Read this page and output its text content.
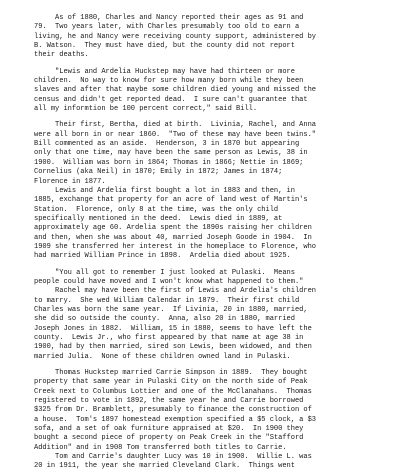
As of 1880, Charles and Nancy reported their ages as 91 and
79.  Two years later, with Charles presumably too old to earn a
living, he and Nancy were receiving county support, administered by
B. Watson.  They must have died, but the county did not report
their deaths.
"Lewis and Ardelia Huckstep may have had thirteen or more
children.  No way to know for sure how many born while they been
slaves and after that maybe some children died young and missed the
census and didn't get reported dead.  I sure can't guarantee that
all my informtion be 100 percent correct," said Bill.
Their first, Bertha, died at birth.  Livinia, Rachel, and Anna
were all born in or near 1860.  "Two of these may have been twins."
Bill commented as an aside.  Henderson, 3 in 1870 but appearing
only that one time, may have been the same person as Lewis, 38 in
1900.  William was born in 1864; Thomas in 1866; Nettie in 1869;
Cornelius (aka Neil) in 1870; Emily in 1872; James in 1874;
Florence in 1877.
Lewis and Ardelia first bought a lot in 1883 and then, in
1885, exchange that property for an acre of land west of Martin's
Station.  Florence, only 8 at the time, was the only child
specifically mentioned in the deed.  Lewis died in 1889, at
approximately age 60. Ardelia spent the 1890s raising her children
and then, when she was about 40, married Joseph Goode in 1904.  In
1909 she transferred her interest in the homeplace to Florence, who
had married William Prince in 1898.  Ardelia died about 1925.
"You all got to remember I just looked at Pulaski.  Means
people could have moved and I won't know what happened to them."
Rachel may have been the first of Lewis and Ardelia's children
to marry.  She wed William Calendar in 1879.  Their first child
Charles was born the same year.  If Livinia, 20 in 1880, married,
she did so outside the county.  Anna, also 20 in 1880, married
Joseph Jones in 1882.  William, 15 in 1880, seems to have left the
county.  Lewis Jr., who first appeared by that name at age 38 in
1900, had by then married, sired son Lewis, been widowed, and then
married Julia.  None of these children owned land in Pulaski.
Thomas Huckstep married Carrie Simpson in 1889.  They bought
property that same year in Pulaski City on the north side of Peak
Creek next to Columbus Lottier and one of the McClanahans.  Thomas
registered to vote in 1892, the same year he and Carrie borrowed
$325 from Dr. Bramblett, presumably to finance the construction of
a house.  Tom's 1897 homestead exemption specified a $5 clock, a $3
sofa, and a set of oak furniture appraised at $20.  In 1900 they
bought a second piece of property on Peak Creek in the "Stafford
Addition" and in 1908 Tom transferred both titles to Carrie.
Tom and Carrie's daughter Lucy was 10 in 1900.  Willie L. was
20 in 1911, the year she married Cleveland Clark.  Things went
